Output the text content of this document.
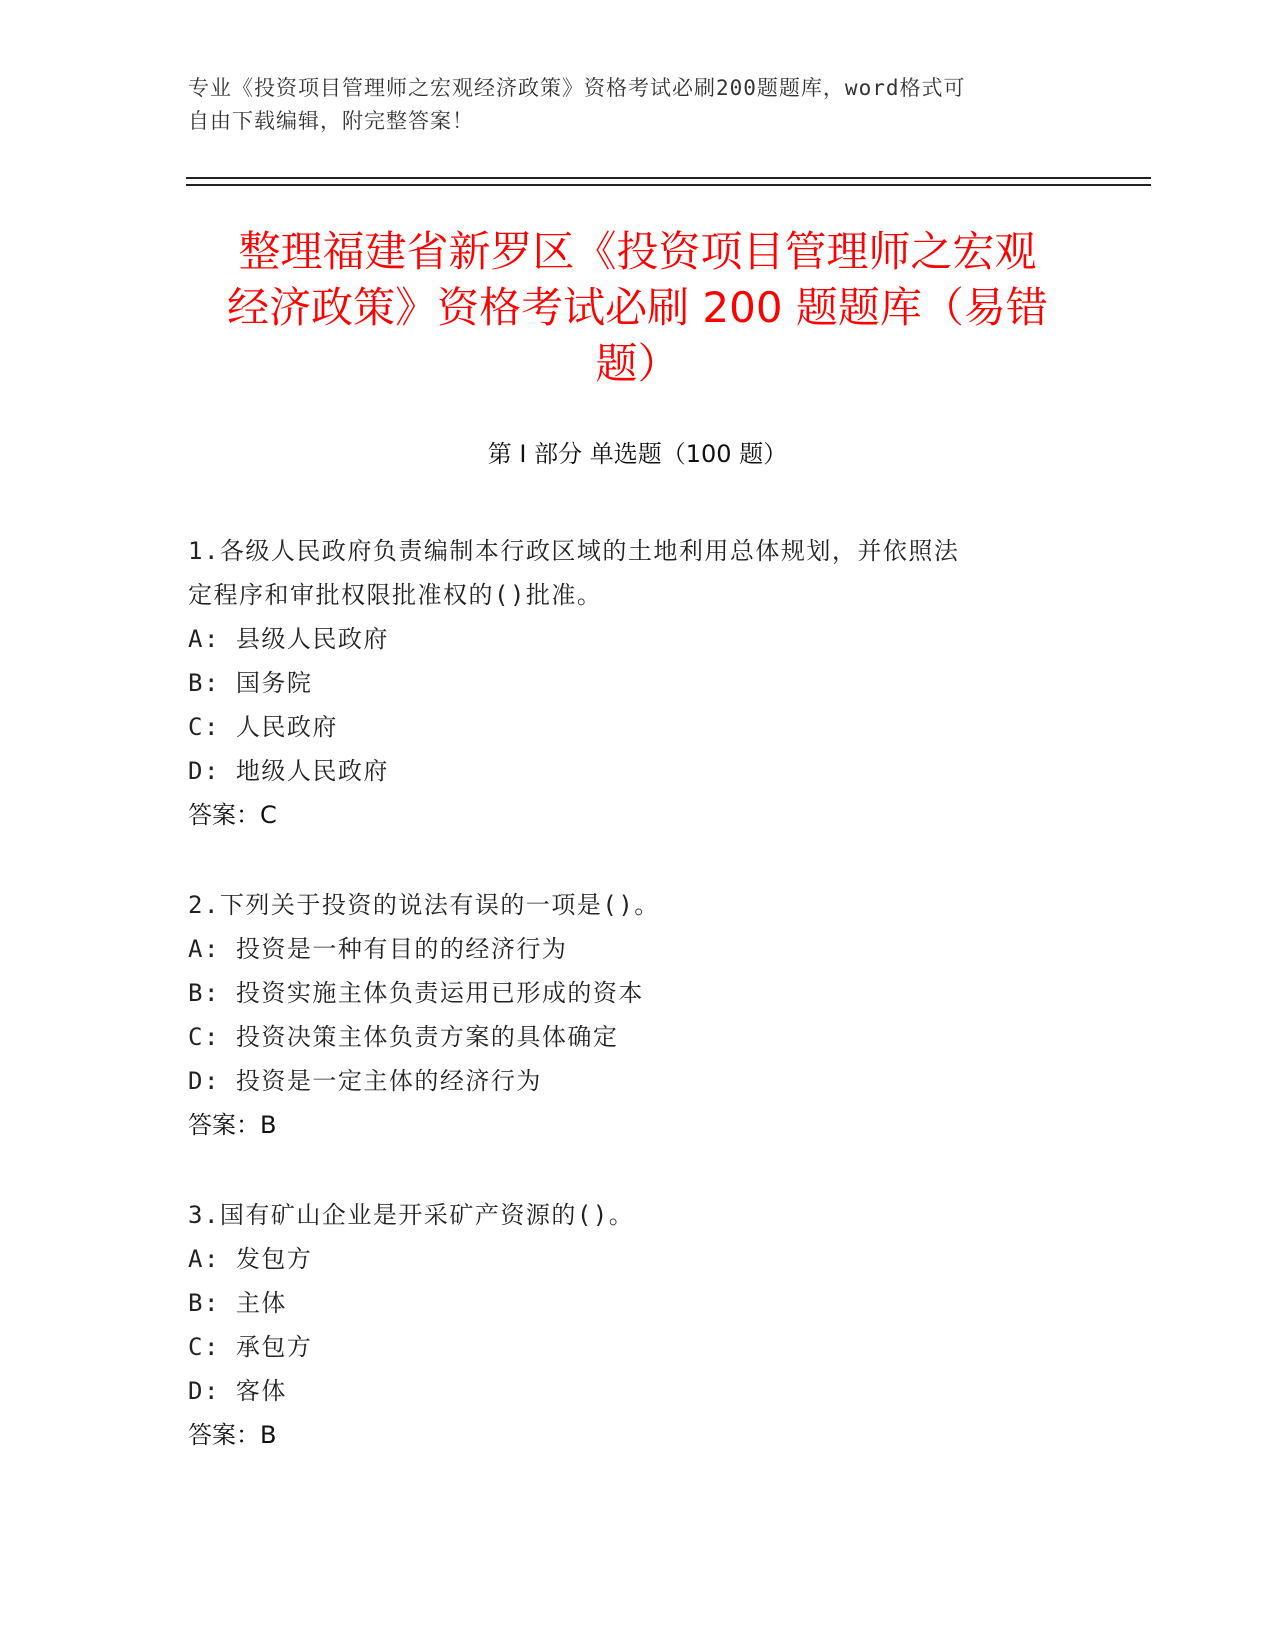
专业《投资项目管理师之宏观经济政策》资格考试必刷200题题库，word格式可
自由下载编辑，附完整答案！
整理福建省新罗区《投资项目管理师之宏观
经济政策》资格考试必刷 200 题题库（易错
题）
第 I 部分 单选题（100 题）
1.各级人民政府负责编制本行政区域的土地利用总体规划，并依照法
定程序和审批权限批准权的()批准。
A: 县级人民政府
B: 国务院
C: 人民政府
D: 地级人民政府
答案：C
2.下列关于投资的说法有误的一项是()。
A: 投资是一种有目的的经济行为
B: 投资实施主体负责运用已形成的资本
C: 投资决策主体负责方案的具体确定
D: 投资是一定主体的经济行为
答案：B
3.国有矿山企业是开采矿产资源的()。
A: 发包方
B: 主体
C: 承包方
D: 客体
答案：B
